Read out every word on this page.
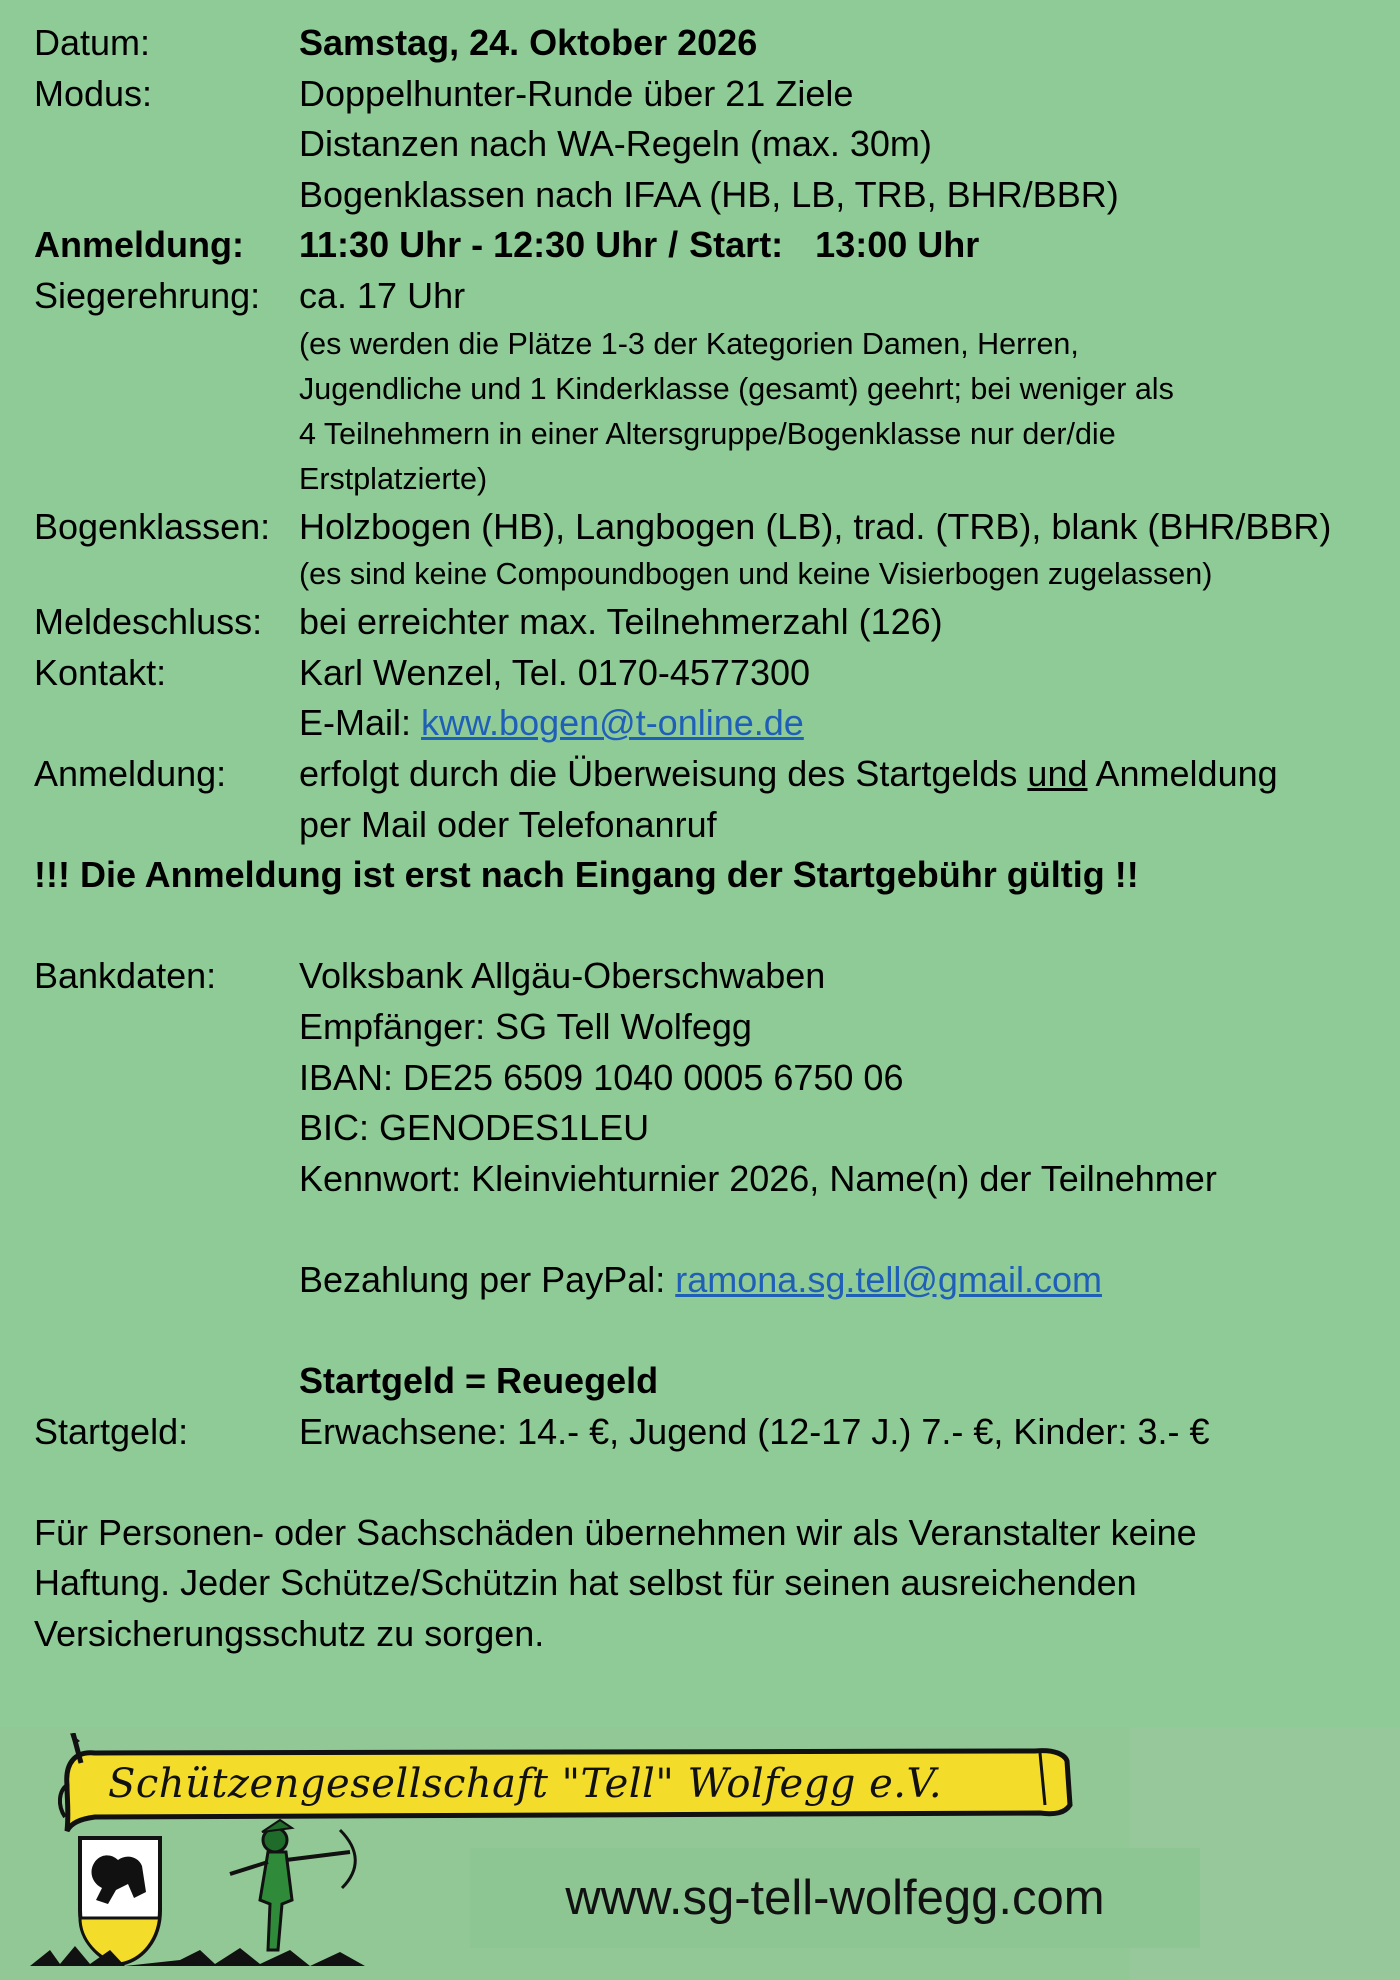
Datum:	Samstag, 24. Oktober 2026
Modus:	Doppelhunter-Runde über 21 Ziele
Distanzen nach WA-Regeln (max. 30m)
Bogenklassen nach IFAA (HB, LB, TRB, BHR/BBR)
Anmeldung:	11:30 Uhr - 12:30 Uhr / Start: 13:00 Uhr
Siegerehrung:	ca. 17 Uhr
(es werden die Plätze 1-3 der Kategorien Damen, Herren,
Jugendliche und 1 Kinderklasse (gesamt) geehrt; bei weniger als
4 Teilnehmern in einer Altersgruppe/Bogenklasse nur der/die
Erstplatzierte)
Bogenklassen: Holzbogen (HB), Langbogen (LB), trad. (TRB), blank (BHR/BBR)
(es sind keine Compoundbogen und keine Visierbogen zugelassen)
Meldeschluss:	bei erreichter max. Teilnehmerzahl (126)
Kontakt:	Karl Wenzel, Tel. 0170-4577300
E-Mail: kww.bogen@t-online.de
Anmeldung:	erfolgt durch die Überweisung des Startgelds und Anmeldung
per Mail oder Telefonanruf
!!! Die Anmeldung ist erst nach Eingang der Startgebühr gültig !!
Bankdaten:	Volksbank Allgäu-Oberschwaben
Empfänger: SG Tell Wolfegg
IBAN: DE25 6509 1040 0005 6750 06
BIC: GENODES1LEU
Kennwort: Kleinviehturnier 2026, Name(n) der Teilnehmer
Bezahlung per PayPal: ramona.sg.tell@gmail.com
Startgeld = Reuegeld
Startgeld:	Erwachsene: 14.- €, Jugend (12-17 J.) 7.- €, Kinder: 3.- €
Für Personen- oder Sachschäden übernehmen wir als Veranstalter keine
Haftung. Jeder Schütze/Schützin hat selbst für seinen ausreichenden
Versicherungsschutz zu sorgen.
Schützengesellschaft "Tell" Wolfegg e.V.
www.sg-tell-wolfegg.com
